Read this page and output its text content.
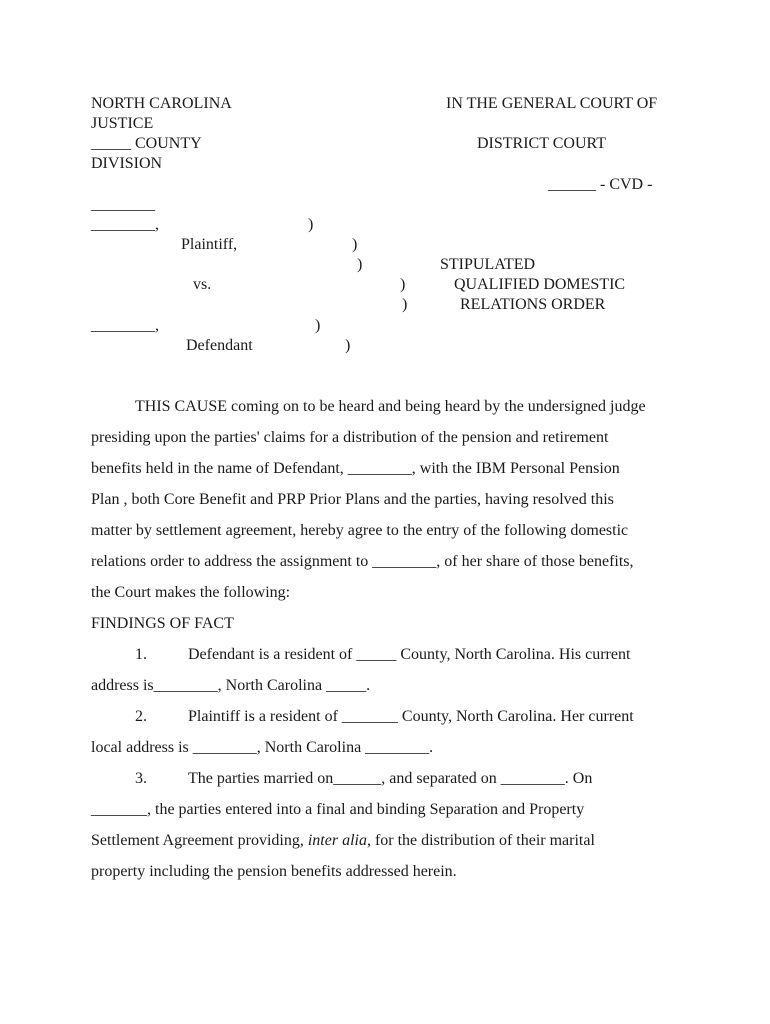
NORTH CAROLINA	IN THE GENERAL COURT OF
JUSTICE
_____ COUNTY	DISTRICT COURT
DIVISION
______ - CVD -
________
________,	)
Plaintiff,	)
)	STIPULATED
vs.	)	QUALIFIED DOMESTIC
)	RELATIONS ORDER
________,	)
Defendant	)
THIS CAUSE coming on to be heard and being heard by the undersigned judge
presiding upon the parties' claims for a distribution of the pension and retirement
benefits held in the name of Defendant, ________, with the IBM Personal Pension
Plan , both Core Benefit and PRP Prior Plans and the parties, having resolved this
matter by settlement agreement, hereby agree to the entry of the following domestic
relations order to address the assignment to ________, of her share of those benefits,
the Court makes the following:
FINDINGS OF FACT
1.	Defendant is a resident of _____ County, North Carolina. His current
address is________, North Carolina _____.
2.	Plaintiff is a resident of _______ County, North Carolina. Her current
local address is ________, North Carolina ________.
3.	The parties married on______, and separated on ________. On
_______, the parties entered into a final and binding Separation and Property
Settlement Agreement providing, inter alia, for the distribution of their marital
property including the pension benefits addressed herein.
